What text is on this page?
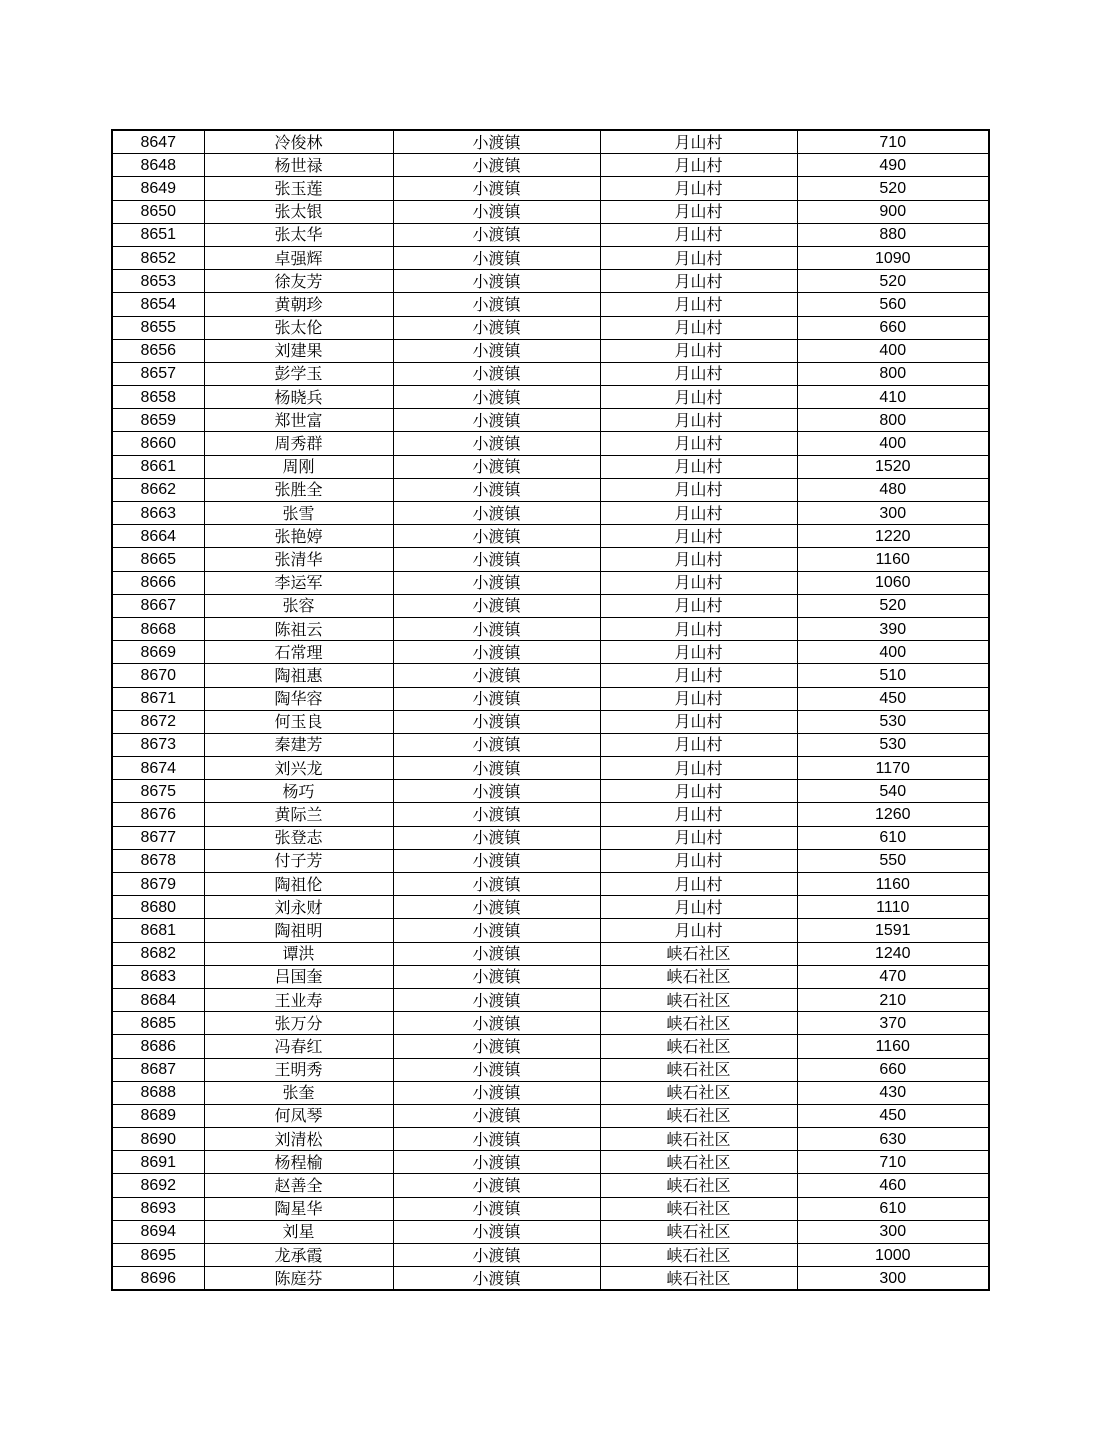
8647	冷俊林	小渡镇	月山村	710
8648	杨世禄	小渡镇	月山村	490
8649	张玉莲	小渡镇	月山村	520
8650	张太银	小渡镇	月山村	900
8651	张太华	小渡镇	月山村	880
8652	卓强辉	小渡镇	月山村	1090
8653	徐友芳	小渡镇	月山村	520
8654	黄朝珍	小渡镇	月山村	560
8655	张太伦	小渡镇	月山村	660
8656	刘建果	小渡镇	月山村	400
8657	彭学玉	小渡镇	月山村	800
8658	杨晓兵	小渡镇	月山村	410
8659	郑世富	小渡镇	月山村	800
8660	周秀群	小渡镇	月山村	400
8661	周刚	小渡镇	月山村	1520
8662	张胜全	小渡镇	月山村	480
8663	张雪	小渡镇	月山村	300
8664	张艳婷	小渡镇	月山村	1220
8665	张清华	小渡镇	月山村	1160
8666	李运军	小渡镇	月山村	1060
8667	张容	小渡镇	月山村	520
8668	陈祖云	小渡镇	月山村	390
8669	石常理	小渡镇	月山村	400
8670	陶祖惠	小渡镇	月山村	510
8671	陶华容	小渡镇	月山村	450
8672	何玉良	小渡镇	月山村	530
8673	秦建芳	小渡镇	月山村	530
8674	刘兴龙	小渡镇	月山村	1170
8675	杨巧	小渡镇	月山村	540
8676	黄际兰	小渡镇	月山村	1260
8677	张登志	小渡镇	月山村	610
8678	付子芳	小渡镇	月山村	550
8679	陶祖伦	小渡镇	月山村	1160
8680	刘永财	小渡镇	月山村	1110
8681	陶祖明	小渡镇	月山村	1591
8682	谭洪	小渡镇	峡石社区	1240
8683	吕国奎	小渡镇	峡石社区	470
8684	王业寿	小渡镇	峡石社区	210
8685	张万分	小渡镇	峡石社区	370
8686	冯春红	小渡镇	峡石社区	1160
8687	王明秀	小渡镇	峡石社区	660
8688	张奎	小渡镇	峡石社区	430
8689	何凤琴	小渡镇	峡石社区	450
8690	刘清松	小渡镇	峡石社区	630
8691	杨程榆	小渡镇	峡石社区	710
8692	赵善全	小渡镇	峡石社区	460
8693	陶星华	小渡镇	峡石社区	610
8694	刘星	小渡镇	峡石社区	300
8695	龙承霞	小渡镇	峡石社区	1000
8696	陈庭芬	小渡镇	峡石社区	300
